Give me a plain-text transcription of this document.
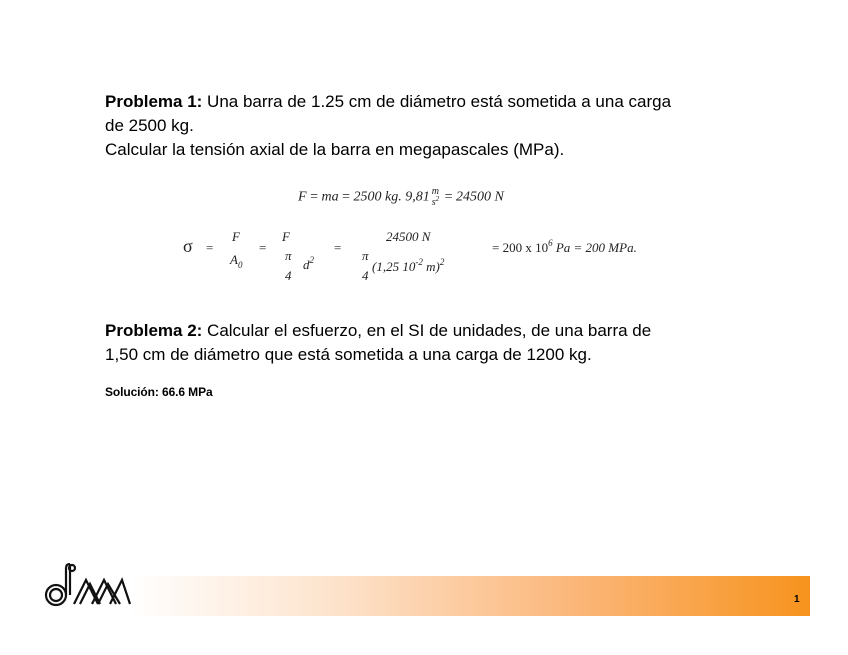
Problema 1: Una barra de 1.25 cm de diámetro está sometida a una carga
de 2500 kg.
Calcular la tensión axial de la barra en megapascales (MPa).
F = ma = 2500 kg. 9,81 m
$s^2 = 24500$ N
σ =
F
$A_0$
=
F
π
$d^2$
4
=
24500 N
π
(1,25 $10^{-2}$ m)$^2$
4
= 200 x $10^6$ Pa = 200 MPa.
Problema 2: Calcular el esfuerzo, en el SI de unidades, de una barra de
1,50 cm de diámetro que está sometida a una carga de 1200 kg.
Solución: 66.6 MPa
1
